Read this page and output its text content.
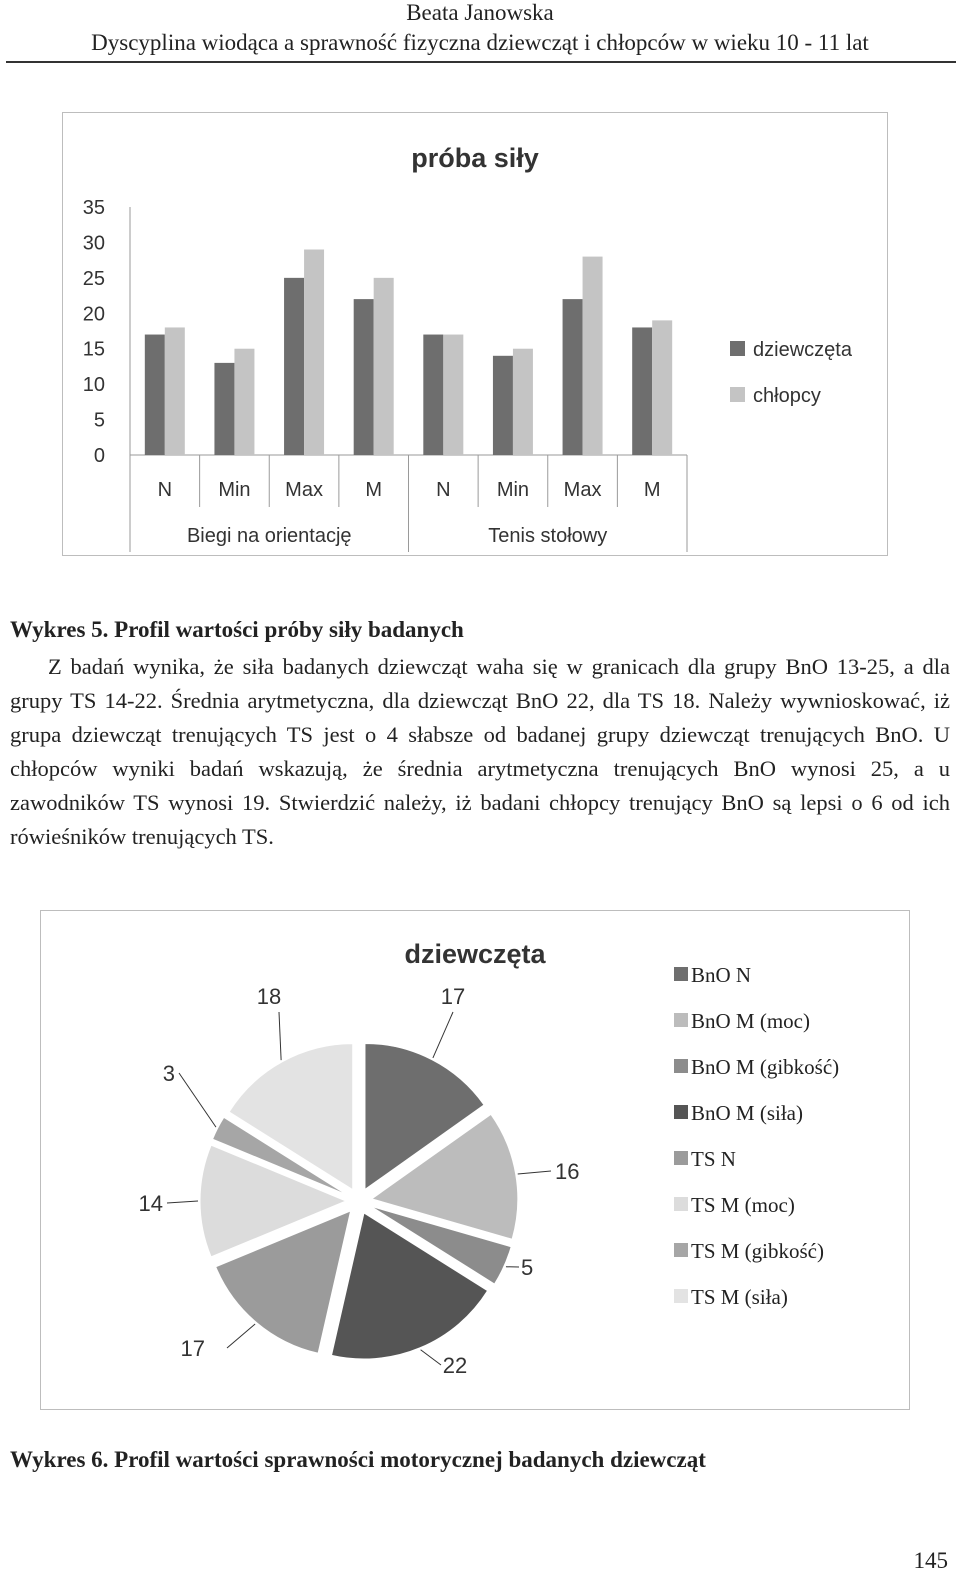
Beata Janowska
Dyscyplina wiodąca a sprawność fizyczna dziewcząt i chłopców w wieku 10 - 11 lat
próba siły
0
5
10
15
20
25
30
35
N Min Max M	N Min Max M
Biegi na orientację	Tenis stołowy
dziewczęta
chłopcy
Wykres 5. Profil wartości próby siły badanych

Z badań wynika, że siła badanych dziewcząt waha się w granicach dla grupy BnO 13-25, a dla grupy TS 14-22. Średnia arytmetyczna, dla dziewcząt BnO 22, dla TS 18. Należy wywnioskować, iż grupa dziewcząt trenujących TS jest o 4 słabsze od badanej grupy dziewcząt trenujących BnO. U chłopców wyniki badań wskazują, że średnia arytmetyczna trenujących BnO wynosi 25, a u zawodników TS wynosi 19. Stwierdzić należy, iż badani chłopcy trenujący BnO są lepsi o 6 od ich rówieśników trenujących TS.

dziewczęta
17
16
5
22
17
14
3
18
BnO N
BnO M (moc)
BnO M (gibkość)
BnO M (siła)
TS N
TS M (moc)
TS M (gibkość)
TS M (siła)
Wykres 6. Profil wartości sprawności motorycznej badanych dziewcząt
145
